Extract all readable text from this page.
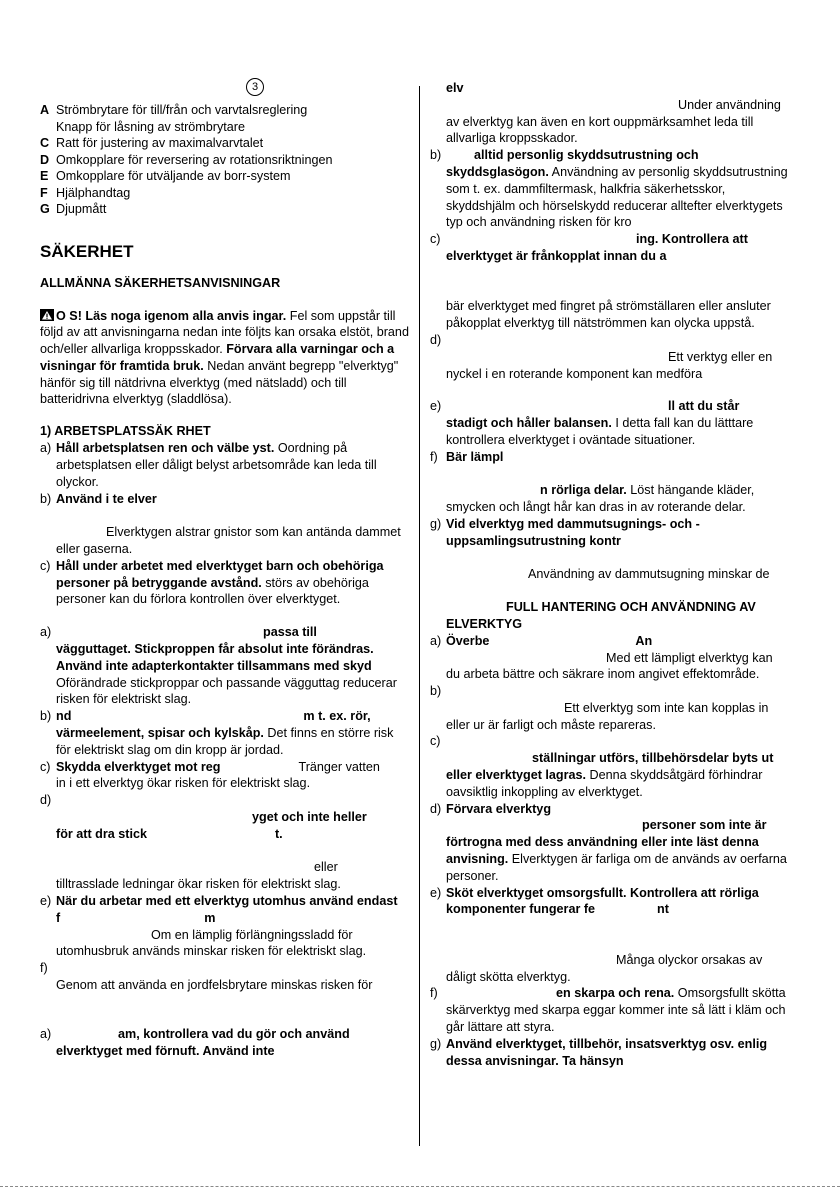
3
A Strömbrytare för till/från och varvtalsreglering
Knapp för låsning av strömbrytare
C Ratt för justering av maximalvarvtalet
D Omkopplare för reversering av rotationsriktningen
E Omkopplare för utväljande av borr-system
F Hjälphandtag
G Djupmått
SÄKERHET
ALLMÄNNA SÄKERHETSANVISNINGAR

O S! Läs noga igenom alla anvis ingar. Fel som uppstår till följd av att anvisningarna nedan inte följts kan orsaka elstöt, brand och/eller allvarliga kroppsskador. Förvara alla varningar och a visningar för framtida bruk. Nedan använt begrepp "elverktyg" hänför sig till nätdrivna elverktyg (med nätsladd) och till batteridrivna elverktyg (sladdlösa).

1) ARBETSPLATSSÄK RHET
a) Håll arbetsplatsen ren och välbe yst. Oordning på arbetsplatsen eller dåligt belyst arbetsområde kan leda till olyckor.
b) Använd i te elver

Elverktygen alstrar gnistor som kan antända dammet eller gaserna.
c) Håll under arbetet med elverktyget barn och obehöriga personer på betryggande avstånd. störs av obehöriga personer kan du förlora kontrollen över elverktyget.
a)	passa till
vägguttaget. Stickproppen får absolut inte förändras. Använd inte adapterkontakter tillsammans med skyd
Oförändrade stickproppar och passande vägguttag reducerar risken för elektriskt slag.
b) nd	m t. ex. rör, värmeelement, spisar och kylskåp. Det finns en större risk för elektriskt slag om din kropp är jordad.
c) Skydda elverktyget mot reg	Tränger vatten
in i ett elverktyg ökar risken för elektriskt slag.
d)

yget och inte heller
för att dra stick	t.

eller
tilltrasslade ledningar ökar risken för elektriskt slag.
e) När du arbetar med ett elverktyg utomhus använd endast f	m
Om en lämplig förlängningssladd för
utomhusbruk används minskar risken för elektriskt slag.
f)

Genom att använda en jordfelsbrytare minskas risken för
a)	am, kontrollera vad du gör och använd elverktyget med förnuft. Använd inte
elv
Under användning
av elverktyg kan även en kort ouppmärksamhet leda till allvarliga kroppsskador.
b)	alltid personlig skyddsutrustning och skyddsglasögon. Användning av personlig skyddsutrustning som t. ex. dammfiltermask, halkfria säkerhetsskor, skyddshjälm och hörselskydd reducerar alltefter elverktygets typ och användning risken för kro
c)	ing. Kontrollera att
elverktyget är frånkopplat innan du a

bär elverktyget med fingret på strömställaren eller ansluter påkopplat elverktyg till nätströmmen kan olycka uppstå.
d)

Ett verktyg eller en
nyckel i en roterande komponent kan medföra
e)	ll att du står
stadigt och håller balansen. I detta fall kan du lätttare kontrollera elverktyget i oväntade situationer.
f) Bär lämpl

n rörliga delar. Löst hängande kläder,
smycken och långt hår kan dras in av roterande delar.
g) Vid elverktyg med dammutsugnings- och -uppsamlingsutrustning kontr

Användning av dammutsugning minskar de
FULL HANTERING OCH ANVÄNDNING AV ELVERKTYG
a) Överbe	An
Med ett lämpligt elverktyg kan
du arbeta bättre och säkrare inom angivet effektområde.
b)

Ett elverktyg som inte kan kopplas in
eller ur är farligt och måste repareras.
c)

ställningar utförs, tillbehörsdelar byts ut eller elverktyget lagras. Denna skyddsåtgärd förhindrar oavsiktlig inkoppling av elverktyget.
d) Förvara elverktyg
personer som inte är förtrogna med dess användning eller inte läst denna anvisning. Elverktygen är farliga om de används av oerfarna personer.
e) Sköt elverktyget omsorgsfullt. Kontrollera att rörliga komponenter fungerar fe	nt

Många olyckor orsakas av
dåligt skötta elverktyg.
f)	en skarpa och rena. Omsorgsfullt skötta skärverktyg med skarpa eggar kommer inte så lätt i kläm och går lättare att styra.
g) Använd elverktyget, tillbehör, insatsverktyg osv. enlig dessa anvisningar. Ta hänsyn
